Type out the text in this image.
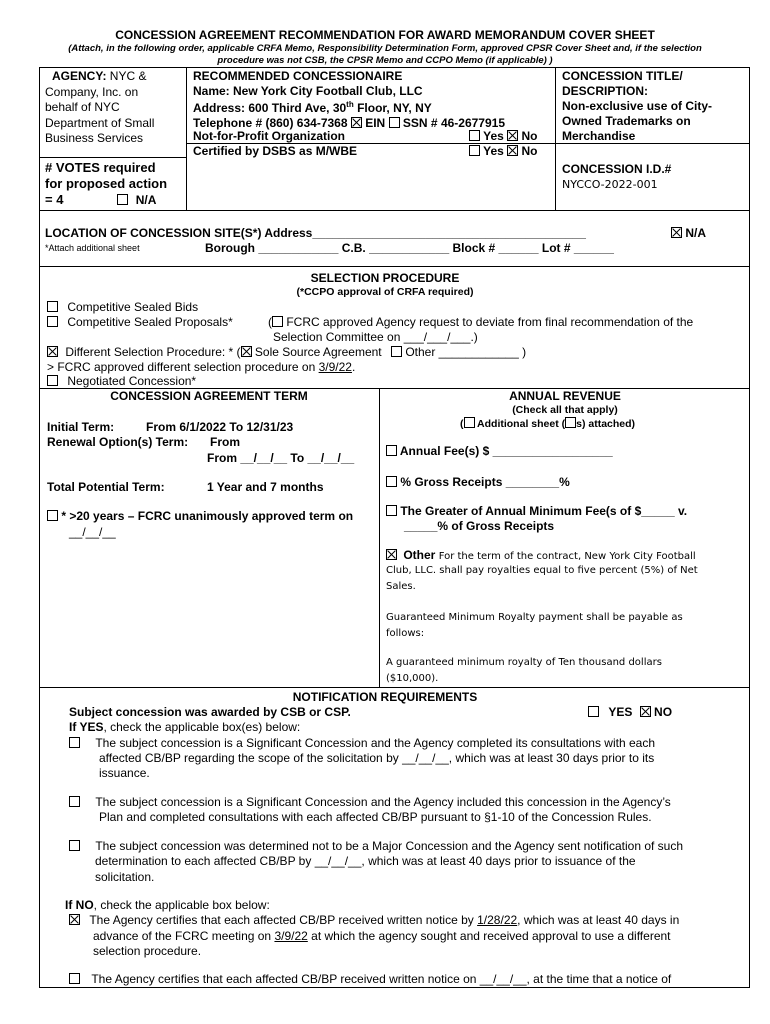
CONCESSION AGREEMENT RECOMMENDATION FOR AWARD MEMORANDUM COVER SHEET
(Attach, in the following order, applicable CRFA Memo, Responsibility Determination Form, approved CPSR Cover Sheet and, if the selection
procedure was not CSB, the CPSR Memo and CCPO Memo (if applicable) )
AGENCY: NYC &
Company, Inc. on
behalf of NYC
Department of Small
Business Services
# VOTES required
for proposed action
= 4	N/A
RECOMMENDED CONCESSIONAIRE
Name: New York City Football Club, LLC
Address: 600 Third Ave, 30th Floor, NY, NY
Telephone # (860) 634-7368 EIN SSN # 46-2677915
Not-for-Profit Organization	Yes No
Certified by DSBS as M/WBE	Yes No
CONCESSION TITLE/
DESCRIPTION:
Non-exclusive use of City-
Owned Trademarks on
Merchandise
CONCESSION I.D.#
NYCCO-2022-001
LOCATION OF CONCESSION SITE(S*) Address_________________________________________	N/A
*Attach additional sheet	Borough ____________ C.B. ____________ Block # ______ Lot # ______
SELECTION PROCEDURE
(*CCPO approval of CRFA required)
Competitive Sealed Bids
Competitive Sealed Proposals*	( FCRC approved Agency request to deviate from final recommendation of the
Selection Committee on ___/___/___.)
Different Selection Procedure: * ( Sole Source Agreement Other ____________ )
> FCRC approved different selection procedure on 3/9/22.
Negotiated Concession*
CONCESSION AGREEMENT TERM
Initial Term:	From 6/1/2022 To 12/31/23
Renewal Option(s) Term: From
From __/__/__ To __/__/__
Total Potential Term:	1 Year and 7 months
* >20 years – FCRC unanimously approved term on
__/__/__
ANNUAL REVENUE
(Check all that apply)
( Additional sheet ( s) attached)
Annual Fee(s) $ __________________
% Gross Receipts ________%
The Greater of Annual Minimum Fee(s of $_____ v.
_____% of Gross Receipts
Other For the term of the contract, New York City Football
Club, LLC. shall pay royalties equal to five percent (5%) of Net
Sales.
Guaranteed Minimum Royalty payment shall be payable as
follows:
A guaranteed minimum royalty of Ten thousand dollars
($10,000).
NOTIFICATION REQUIREMENTS
Subject concession was awarded by CSB or CSP.	YES NO
If YES, check the applicable box(es) below:
The subject concession is a Significant Concession and the Agency completed its consultations with each
affected CB/BP regarding the scope of the solicitation by __/__/__, which was at least 30 days prior to its
issuance.
The subject concession is a Significant Concession and the Agency included this concession in the Agency’s
Plan and completed consultations with each affected CB/BP pursuant to §1-10 of the Concession Rules.
The subject concession was determined not to be a Major Concession and the Agency sent notification of such
determination to each affected CB/BP by __/__/__, which was at least 40 days prior to issuance of the
solicitation.
If NO, check the applicable box below:
The Agency certifies that each affected CB/BP received written notice by 1/28/22, which was at least 40 days in
advance of the FCRC meeting on 3/9/22 at which the agency sought and received approval to use a different
selection procedure.
The Agency certifies that each affected CB/BP received written notice on __/__/__, at the time that a notice of
